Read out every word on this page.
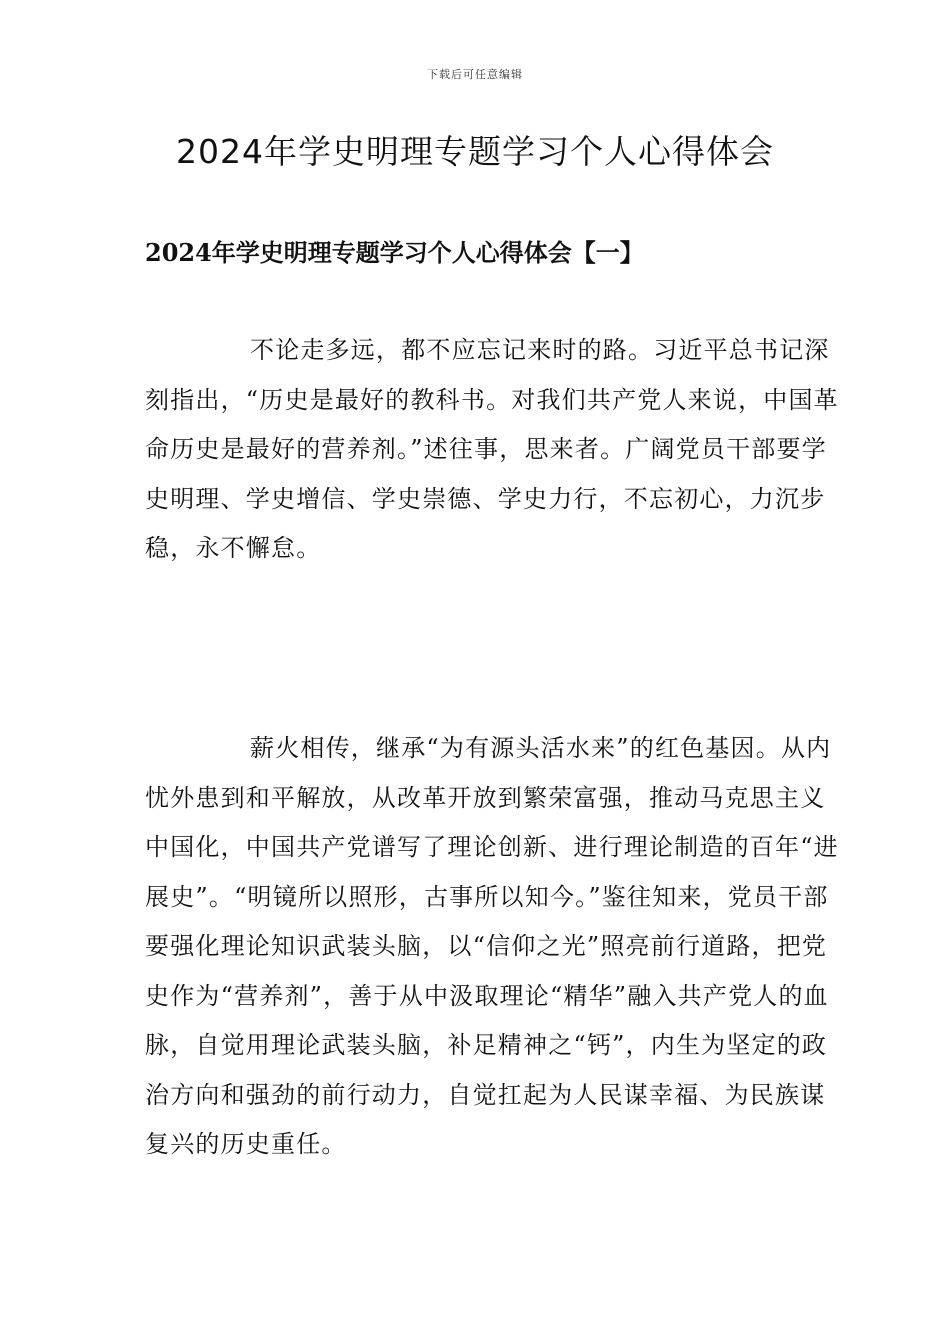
下载后可任意编辑
2024年学史明理专题学习个人心得体会
2024年学史明理专题学习个人心得体会【一】

不论走多远，都不应忘记来时的路。习近平总书记深刻指出，“历史是最好的教科书。对我们共产党人来说，中国革命历史是最好的营养剂。”述往事，思来者。广阔党员干部要学史明理、学史增信、学史崇德、学史力行，不忘初心，力沉步稳，永不懈怠。

薪火相传，继承“为有源头活水来”的红色基因。从内忧外患到和平解放，从改革开放到繁荣富强，推动马克思主义中国化，中国共产党谱写了理论创新、进行理论制造的百年“进展史”。“明镜所以照形，古事所以知今。”鉴往知来，党员干部要强化理论知识武装头脑，以“信仰之光”照亮前行道路，把党史作为“营养剂”，善于从中汲取理论“精华”融入共产党人的血脉，自觉用理论武装头脑，补足精神之“钙”，内生为坚定的政治方向和强劲的前行动力，自觉扛起为人民谋幸福、为民族谋复兴的历史重任。
